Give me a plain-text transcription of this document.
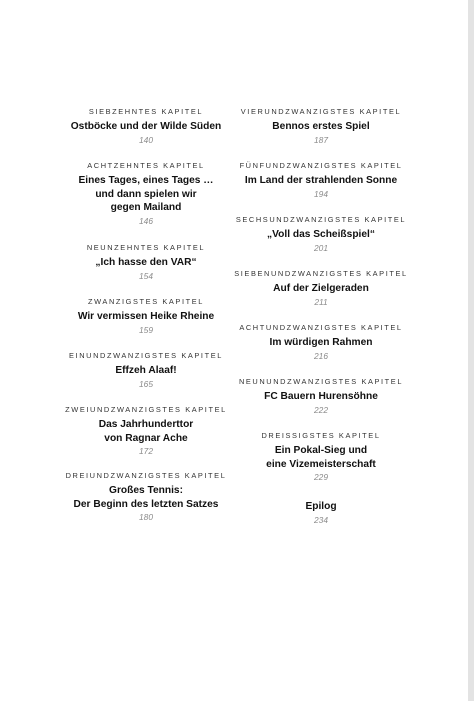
SIEBZEHNTES KAPITEL
Ostböcke und der Wilde Süden
140
ACHTZEHNTES KAPITEL
Eines Tages, eines Tages …
und dann spielen wir
gegen Mailand
146
NEUNZEHNTES KAPITEL
„Ich hasse den VAR“
154
ZWANZIGSTES KAPITEL
Wir vermissen Heike Rheine
159
EINUNDZWANZIGSTES KAPITEL
Effzeh Alaaf!
165
ZWEIUNDZWANZIGSTES KAPITEL
Das Jahrhunderttor
von Ragnar Ache
172
DREIUNDZWANZIGSTES KAPITEL
Großes Tennis:
Der Beginn des letzten Satzes
180
VIERUNDZWANZIGSTES KAPITEL
Bennos erstes Spiel
187
FÜNFUNDZWANZIGSTES KAPITEL
Im Land der strahlenden Sonne
194
SECHSUNDZWANZIGSTES KAPITEL
„Voll das Scheißspiel“
201
SIEBENUNDZWANZIGSTES KAPITEL
Auf der Zielgeraden
211
ACHTUNDZWANZIGSTES KAPITEL
Im würdigen Rahmen
216
NEUNUNDZWANZIGSTES KAPITEL
FC Bauern Hurensöhne
222
DREISSIGSTES KAPITEL
Ein Pokal-Sieg und
eine Vizemeisterschaft
229
Epilog
234
